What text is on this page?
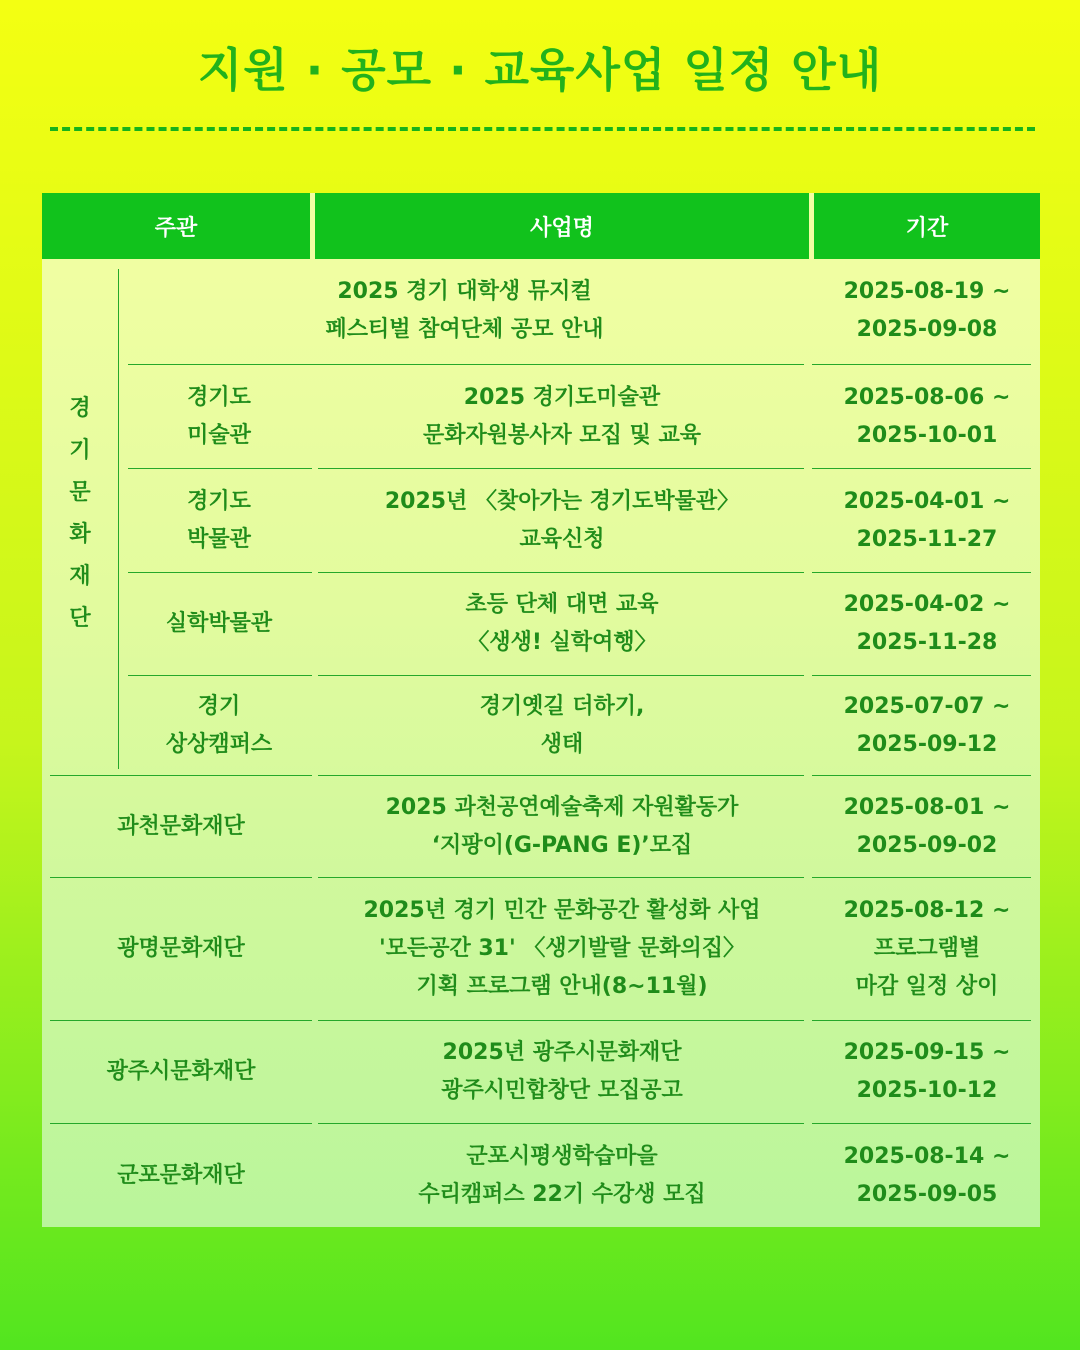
지원 · 공모 · 교육사업 일정 안내
주관	사업명	기간
경
기
문
화
재
단
2025 경기 대학생 뮤지컬
페스티벌 참여단체 공모 안내
2025-08-19 ~
2025-09-08
경기도
미술관
2025 경기도미술관
문화자원봉사자 모집 및 교육
2025-08-06 ~
2025-10-01
경기도
박물관
2025년 〈찾아가는 경기도박물관〉
교육신청
2025-04-01 ~
2025-11-27
실학박물관
초등 단체 대면 교육
〈생생! 실학여행〉
2025-04-02 ~
2025-11-28
경기
상상캠퍼스
경기옛길 더하기,
생태
2025-07-07 ~
2025-09-12
과천문화재단
2025 과천공연예술축제 자원활동가
‘지팡이(G-PANG E)’모집
2025-08-01 ~
2025-09-02
광명문화재단
2025년 경기 민간 문화공간 활성화 사업
'모든공간 31' 〈생기발랄 문화의집〉
기획 프로그램 안내(8~11월)
2025-08-12 ~
프로그램별
마감 일정 상이
광주시문화재단
2025년 광주시문화재단
광주시민합창단 모집공고
2025-09-15 ~
2025-10-12
군포문화재단
군포시평생학습마을
수리캠퍼스 22기 수강생 모집
2025-08-14 ~
2025-09-05
